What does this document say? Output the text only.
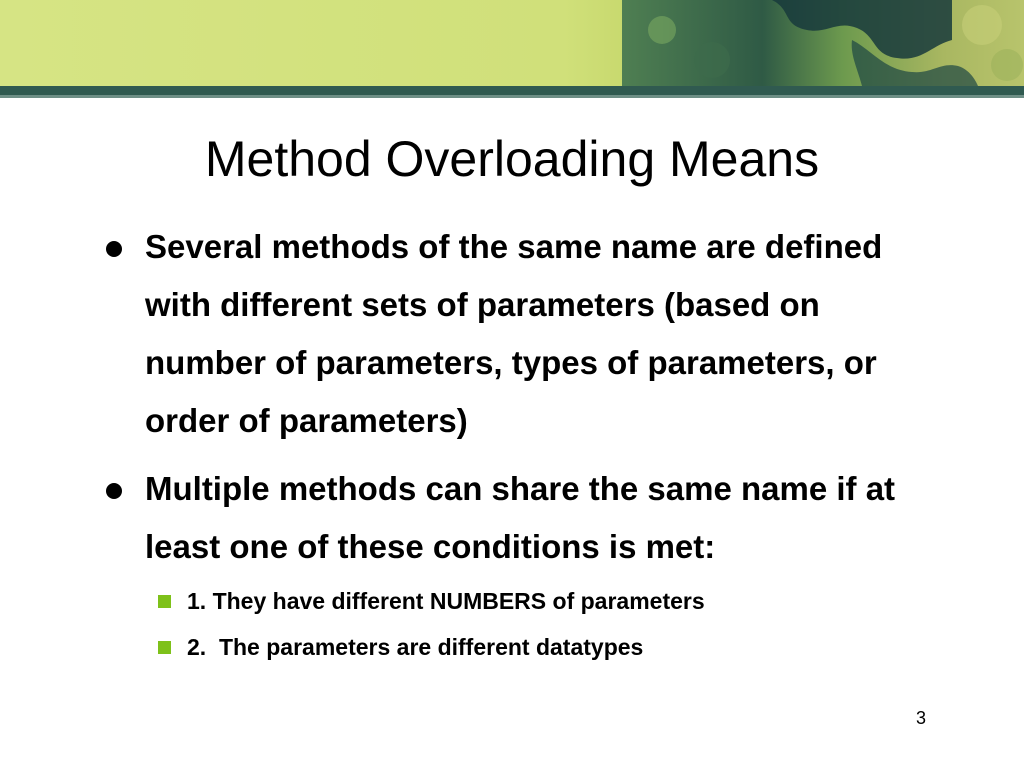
Method Overloading Means
Several methods of the same name are defined with different sets of parameters (based on number of parameters, types of parameters, or order of parameters)
Multiple methods can share the same name if at least one of these conditions is met:
1. They have different NUMBERS of parameters
2.  The parameters are different datatypes
3
